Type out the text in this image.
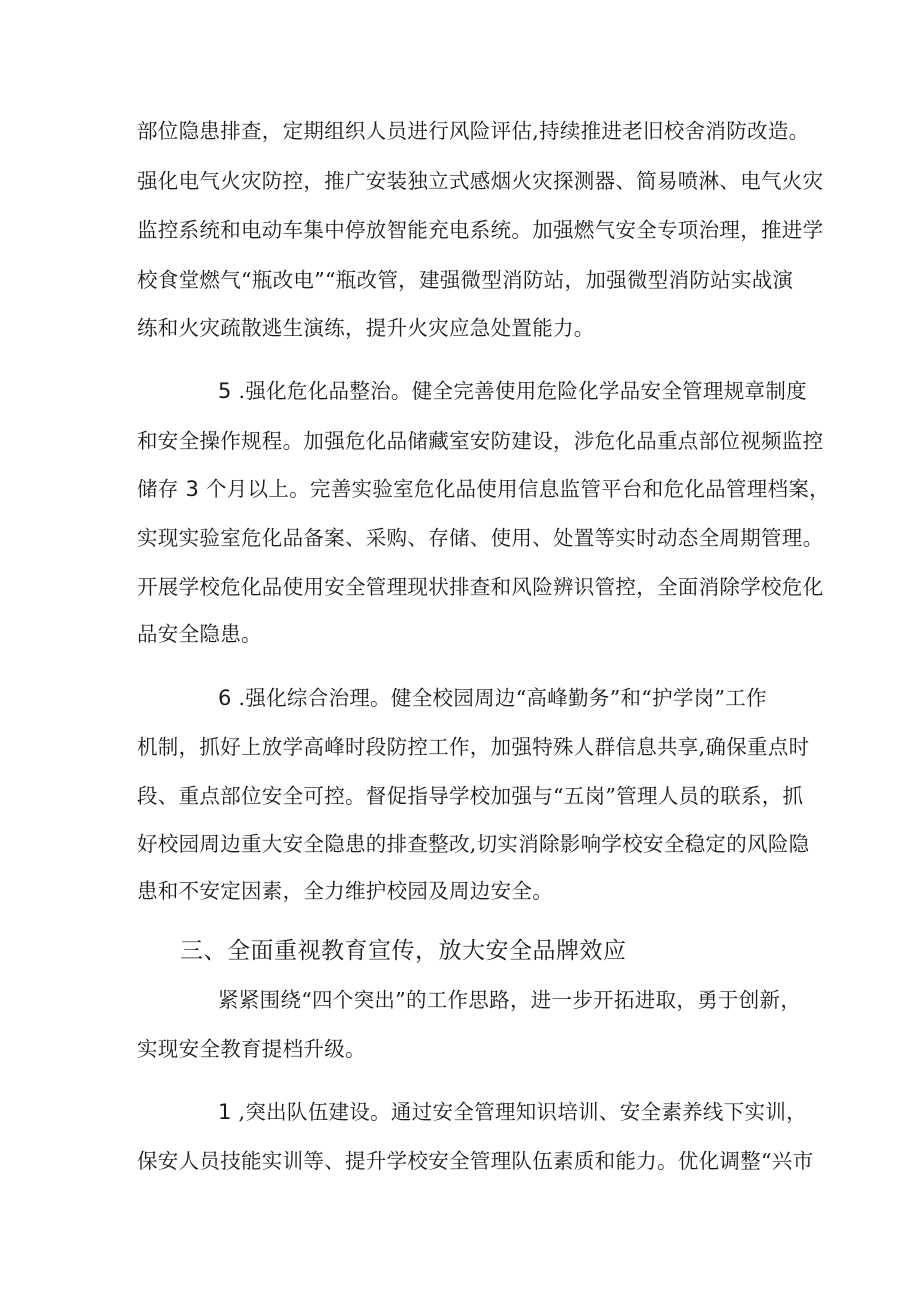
部位隐患排查，定期组织人员进行风险评估,持续推进老旧校舍消防改造。
强化电气火灾防控，推广安装独立式感烟火灾探测器、简易喷淋、电气火灾
监控系统和电动车集中停放智能充电系统。加强燃气安全专项治理，推进学
校食堂燃气“瓶改电”“瓶改管，建强微型消防站，加强微型消防站实战演
练和火灾疏散逃生演练，提升火灾应急处置能力。
5 .强化危化品整治。健全完善使用危险化学品安全管理规章制度
和安全操作规程。加强危化品储藏室安防建设，涉危化品重点部位视频监控
储存 3 个月以上。完善实验室危化品使用信息监管平台和危化品管理档案，
实现实验室危化品备案、采购、存储、使用、处置等实时动态全周期管理。
开展学校危化品使用安全管理现状排查和风险辨识管控，全面消除学校危化
品安全隐患。
6 .强化综合治理。健全校园周边“高峰勤务”和“护学岗”工作
机制，抓好上放学高峰时段防控工作，加强特殊人群信息共享,确保重点时
段、重点部位安全可控。督促指导学校加强与“五岗”管理人员的联系，抓
好校园周边重大安全隐患的排查整改,切实消除影响学校安全稳定的风险隐
患和不安定因素，全力维护校园及周边安全。
三、全面重视教育宣传，放大安全品牌效应
紧紧围绕“四个突出”的工作思路，进一步开拓进取，勇于创新，
实现安全教育提档升级。
1 ,突出队伍建设。通过安全管理知识培训、安全素养线下实训，
保安人员技能实训等、提升学校安全管理队伍素质和能力。优化调整“兴市
